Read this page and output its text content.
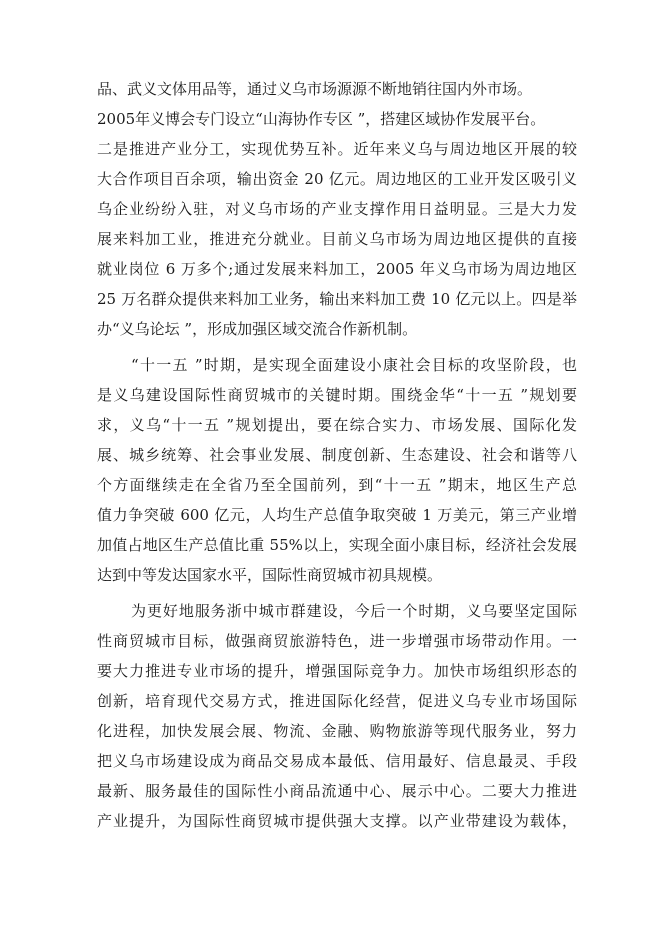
品、武义文体用品等，通过义乌市场源源不断地销往国内外市场。
2005年义博会专门设立“山海协作专区 ”，搭建区域协作发展平台。
二是推进产业分工，实现优势互补。近年来义乌与周边地区开展的较
大合作项目百余项，输出资金 20 亿元。周边地区的工业开发区吸引义
乌企业纷纷入驻，对义乌市场的产业支撑作用日益明显。三是大力发
展来料加工业，推进充分就业。目前义乌市场为周边地区提供的直接
就业岗位 6 万多个;通过发展来料加工，2005 年义乌市场为周边地区
25 万名群众提供来料加工业务，输出来料加工费 10 亿元以上。四是举
办“义乌论坛 ”，形成加强区域交流合作新机制。
“十一五 ”时期，是实现全面建设小康社会目标的攻坚阶段，也
是义乌建设国际性商贸城市的关键时期。围绕金华“十一五 ”规划要
求，义乌“十一五 ”规划提出，要在综合实力、市场发展、国际化发
展、城乡统筹、社会事业发展、制度创新、生态建设、社会和谐等八
个方面继续走在全省乃至全国前列，到“十一五 ”期末，地区生产总
值力争突破 600 亿元，人均生产总值争取突破 1 万美元，第三产业增
加值占地区生产总值比重 55%以上，实现全面小康目标，经济社会发展
达到中等发达国家水平，国际性商贸城市初具规模。
为更好地服务浙中城市群建设，今后一个时期，义乌要坚定国际
性商贸城市目标，做强商贸旅游特色，进一步增强市场带动作用。一
要大力推进专业市场的提升，增强国际竞争力。加快市场组织形态的
创新，培育现代交易方式，推进国际化经营，促进义乌专业市场国际
化进程，加快发展会展、物流、金融、购物旅游等现代服务业，努力
把义乌市场建设成为商品交易成本最低、信用最好、信息最灵、手段
最新、服务最佳的国际性小商品流通中心、展示中心。二要大力推进
产业提升，为国际性商贸城市提供强大支撑。以产业带建设为载体，
